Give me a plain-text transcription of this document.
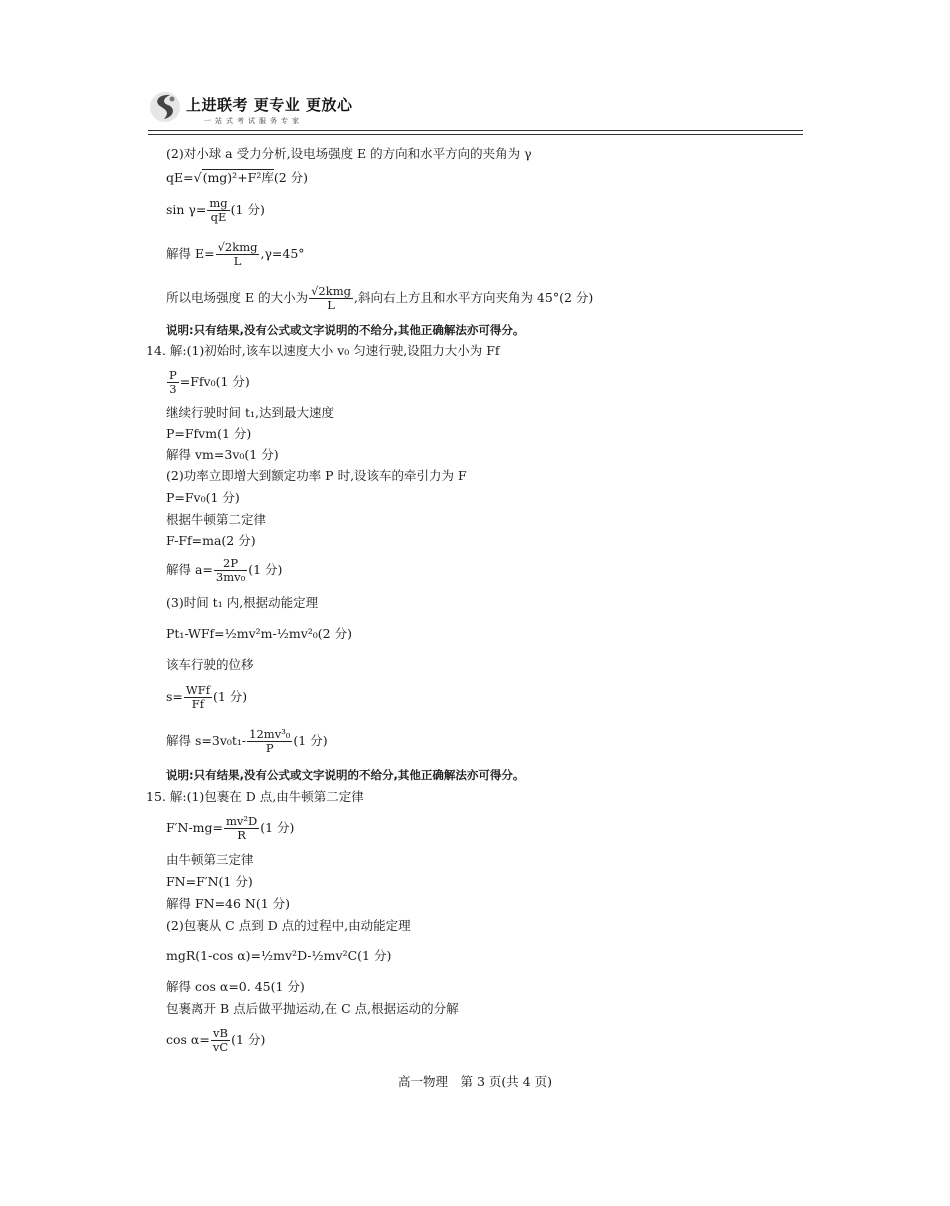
上进联考 更专业 更放心
一站式考试服务专家
(2)对小球 a 受力分析,设电场强度 E 的方向和水平方向的夹角为 γ
qE=√(mg)²+F²库(2 分)
$\sin \gamma= \frac{mg}{qE} (1$ 分)
解得 $E= \frac{\text{√2kmg}}{L} ,\gamma=45^\circ$
所以电场强度 E 的大小为 $\frac{\text{√2kmg}}{L}$ ,斜向右上方且和水平方向夹角为 45°(2 分)
说明:只有结果,没有公式或文字说明的不给分,其他正确解法亦可得分。
14. 解:(1)初始时,该车以速度大小 v₀ 匀速行驶,设阻力大小为 Ff
$\frac{P}{3} =Ffv_0(1$ 分)
继续行驶时间 t₁,达到最大速度
P=Ffvm(1 分)
解得 vm=3v₀(1 分)
(2)功率立即增大到额定功率 P 时,设该车的牵引力为 F
P=Fv₀(1 分)
根据牛顿第二定律
F-Ff=ma(2 分)
解得 $a= \frac{2P}{\text{3mv₀}} (1$ 分)
(3)时间 t₁ 内,根据动能定理
Pt₁-WFf=½mv²m-½mv²₀(2 分)
该车行驶的位移
$s= \frac{\text{WFf}}{Ff} (1$ 分)
解得 $s=3v_0t_1- \frac{\text{12mv³₀}}{P} (1$ 分)
说明:只有结果,没有公式或文字说明的不给分,其他正确解法亦可得分。
15. 解:(1)包裹在 D 点,由牛顿第二定律
$F'N-mg= \frac{\text{mv²D}}{R} (1$ 分)
由牛顿第三定律
FN=F′N(1 分)
解得 FN=46 N(1 分)
(2)包裹从 C 点到 D 点的过程中,由动能定理
mgR(1-cos α)=½mv²D-½mv²C(1 分)
解得 cos α=0. 45(1 分)
包裹离开 B 点后做平抛运动,在 C 点,根据运动的分解
$\cos \alpha= \frac{vB}{vC} (1$ 分)
高一物理　第 3 页(共 4 页)
